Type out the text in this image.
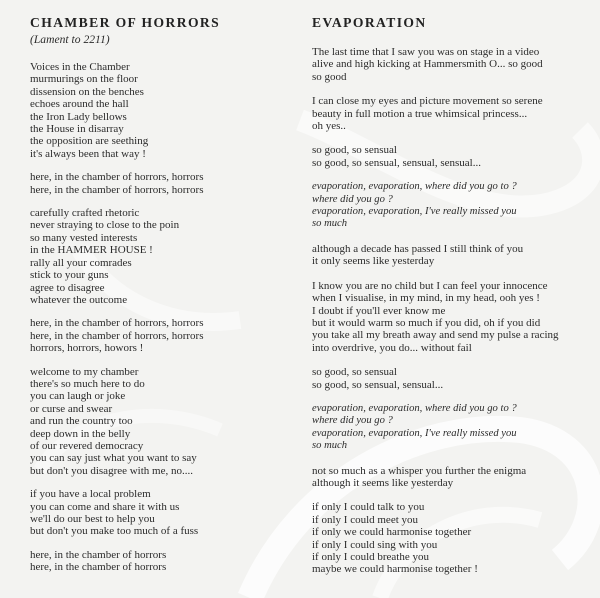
CHAMBER OF HORRORS
(Lament to 2211)
Voices in the Chamber
murmurings on the floor
dissension on the benches
echoes around the hall
the Iron Lady bellows
the House in disarray
the opposition are seething
it's always been that way !
here, in the chamber of horrors, horrors
here, in the chamber of horrors, horrors
carefully crafted rhetoric
never straying to close to the poin
so many vested interests
in the HAMMER HOUSE !
rally all your comrades
stick to your guns
agree to disagree
whatever the outcome
here, in the chamber of horrors, horrors
here, in the chamber of horrors, horrors
horrors, horrors, howors !
welcome to my chamber
there's so much here to do
you can laugh or joke
or curse and swear
and run the country too
deep down in the belly
of our revered democracy
you can say just what you want to say
but don't you disagree with me, no....
if you have a local problem
you can come and share it with us
we'll do our best to help you
but don't you make too much of a fuss
here, in the chamber of horrors
here, in the chamber of horrors
EVAPORATION
The last time that I saw you was on stage in a video
alive and high kicking at Hammersmith O... so good
so good
I can close my eyes and picture movement so serene
beauty in full motion a true whimsical princess...
oh yes..
so good, so sensual
so good, so sensual, sensual, sensual...
evaporation, evaporation, where did you go to ?
where did you go ?
evaporation, evaporation, I've really missed you
so much
although a decade has passed I still think of you
it only seems like yesterday
I know you are no child but I can feel your innocence
when I visualise, in my mind, in my head, ooh yes !
I doubt if you'll ever know me
but it would warm so much if you did, oh if you did
you take all my breath away and send my pulse a racing
into overdrive, you do... without fail
so good, so sensual
so good, so sensual, sensual...
evaporation, evaporation, where did you go to ?
where did you go ?
evaporation, evaporation, I've really missed you
so much
not so much as a whisper you further the enigma
although it seems like yesterday
if only I could talk to you
if only I could meet you
if only we could harmonise together
if only I could sing with you
if only I could breathe you
maybe we could harmonise together !
